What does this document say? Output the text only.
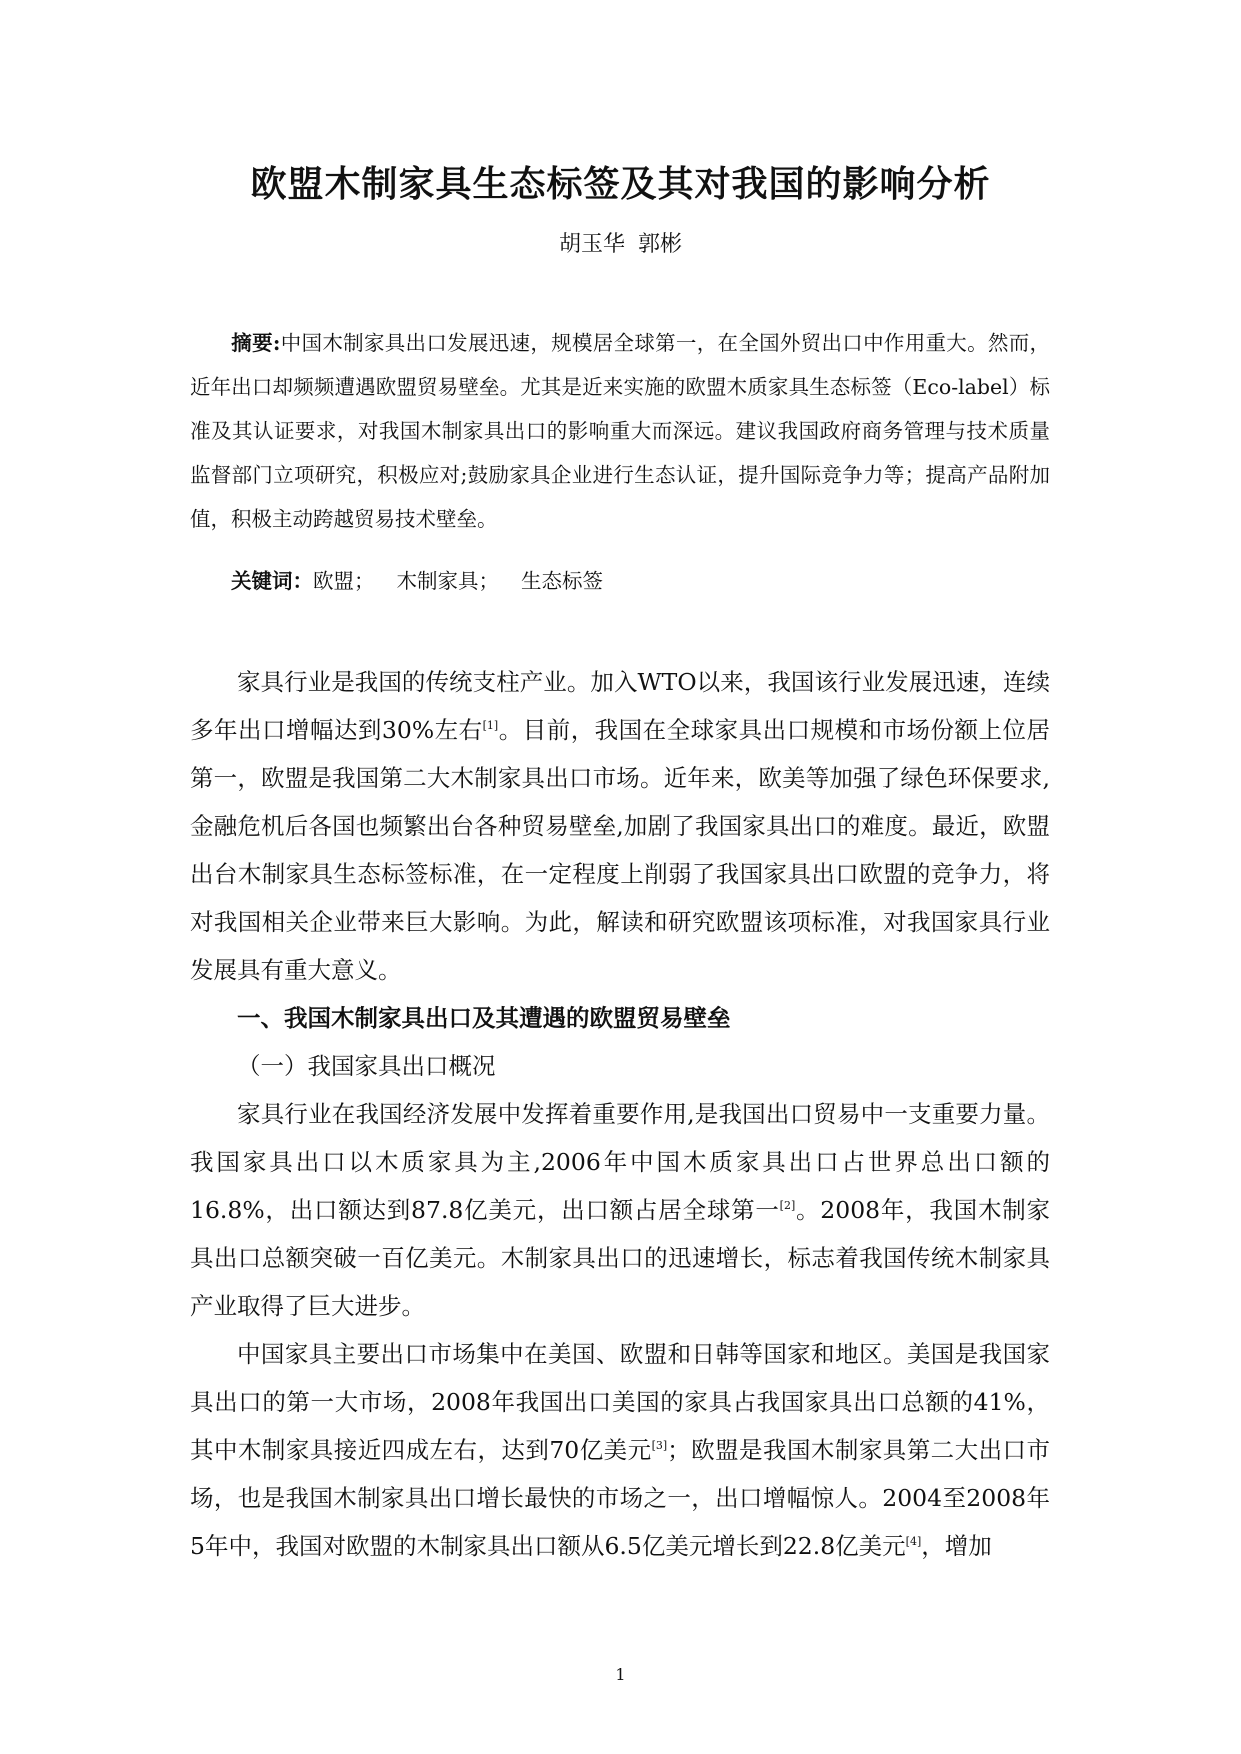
欧盟木制家具生态标签及其对我国的影响分析
胡玉华 郭彬
摘要:中国木制家具出口发展迅速，规模居全球第一，在全国外贸出口中作用重大。然而，近年出口却频频遭遇欧盟贸易壁垒。尤其是近来实施的欧盟木质家具生态标签（Eco-label）标准及其认证要求，对我国木制家具出口的影响重大而深远。建议我国政府商务管理与技术质量监督部门立项研究，积极应对;鼓励家具企业进行生态认证，提升国际竞争力等；提高产品附加值，积极主动跨越贸易技术壁垒。
关键词：欧盟； 木制家具； 生态标签

家具行业是我国的传统支柱产业。加入WTO以来，我国该行业发展迅速，连续多年出口增幅达到30%左右[1]。目前，我国在全球家具出口规模和市场份额上位居第一，欧盟是我国第二大木制家具出口市场。近年来，欧美等加强了绿色环保要求,金融危机后各国也频繁出台各种贸易壁垒,加剧了我国家具出口的难度。最近，欧盟出台木制家具生态标签标准，在一定程度上削弱了我国家具出口欧盟的竞争力，将对我国相关企业带来巨大影响。为此，解读和研究欧盟该项标准，对我国家具行业发展具有重大意义。

一、我国木制家具出口及其遭遇的欧盟贸易壁垒

（一）我国家具出口概况

家具行业在我国经济发展中发挥着重要作用,是我国出口贸易中一支重要力量。我国家具出口以木质家具为主,2006年中国木质家具出口占世界总出口额的16.8%，出口额达到87.8亿美元，出口额占居全球第一[2]。2008年，我国木制家具出口总额突破一百亿美元。木制家具出口的迅速增长，标志着我国传统木制家具产业取得了巨大进步。

中国家具主要出口市场集中在美国、欧盟和日韩等国家和地区。美国是我国家具出口的第一大市场，2008年我国出口美国的家具占我国家具出口总额的41%，其中木制家具接近四成左右，达到70亿美元[3]；欧盟是我国木制家具第二大出口市场，也是我国木制家具出口增长最快的市场之一，出口增幅惊人。2004至2008年5年中，我国对欧盟的木制家具出口额从6.5亿美元增长到22.8亿美元[4]，增加

1
